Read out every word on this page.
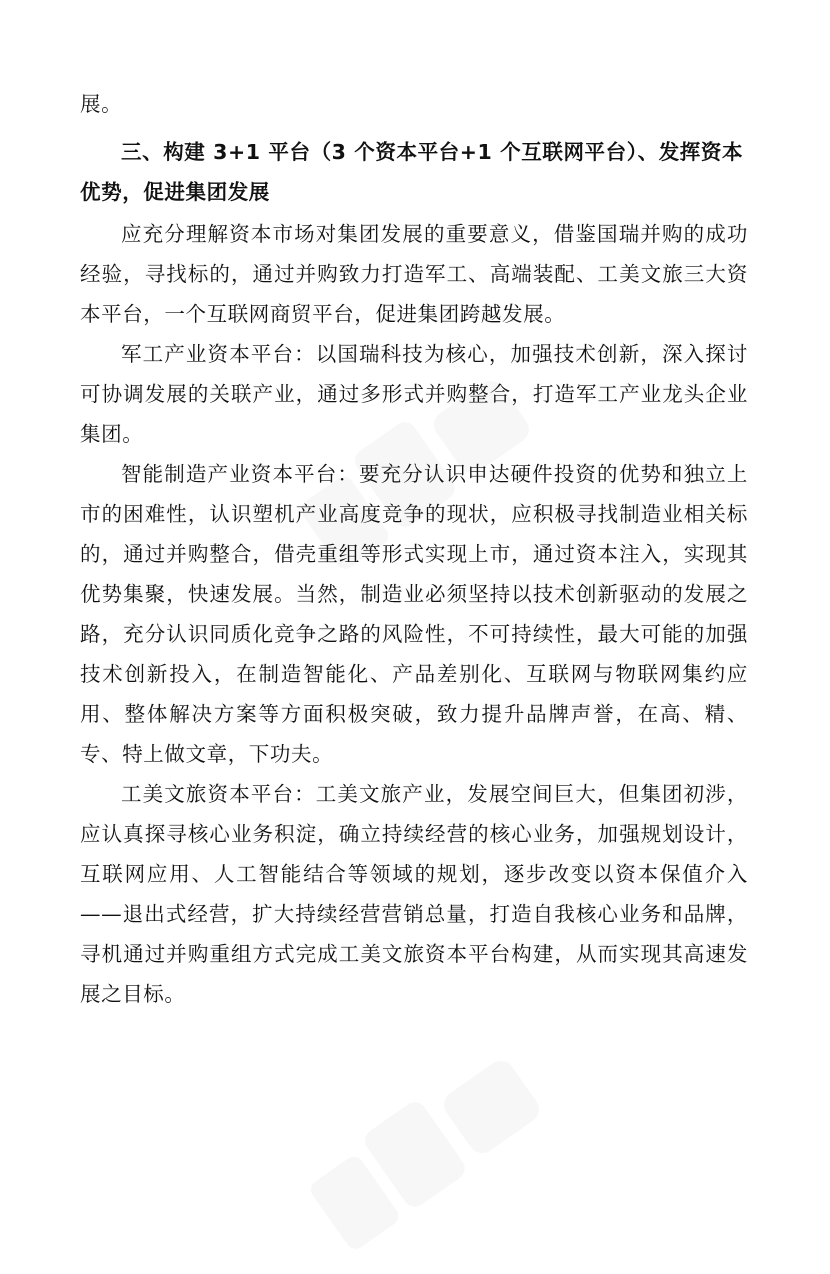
展。

三、构建 3+1 平台（3 个资本平台+1 个互联网平台）、发挥资本优势，促进集团发展

应充分理解资本市场对集团发展的重要意义，借鉴国瑞并购的成功经验，寻找标的，通过并购致力打造军工、高端装配、工美文旅三大资本平台，一个互联网商贸平台，促进集团跨越发展。

军工产业资本平台：以国瑞科技为核心，加强技术创新，深入探讨可协调发展的关联产业，通过多形式并购整合，打造军工产业龙头企业集团。

智能制造产业资本平台：要充分认识申达硬件投资的优势和独立上市的困难性，认识塑机产业高度竞争的现状，应积极寻找制造业相关标的，通过并购整合，借壳重组等形式实现上市，通过资本注入，实现其优势集聚，快速发展。当然，制造业必须坚持以技术创新驱动的发展之路，充分认识同质化竞争之路的风险性，不可持续性，最大可能的加强技术创新投入，在制造智能化、产品差别化、互联网与物联网集约应用、整体解决方案等方面积极突破，致力提升品牌声誉，在高、精、专、特上做文章，下功夫。

工美文旅资本平台：工美文旅产业，发展空间巨大，但集团初涉，应认真探寻核心业务积淀，确立持续经营的核心业务，加强规划设计，互联网应用、人工智能结合等领域的规划，逐步改变以资本保值介入——退出式经营，扩大持续经营营销总量，打造自我核心业务和品牌，寻机通过并购重组方式完成工美文旅资本平台构建，从而实现其高速发展之目标。
